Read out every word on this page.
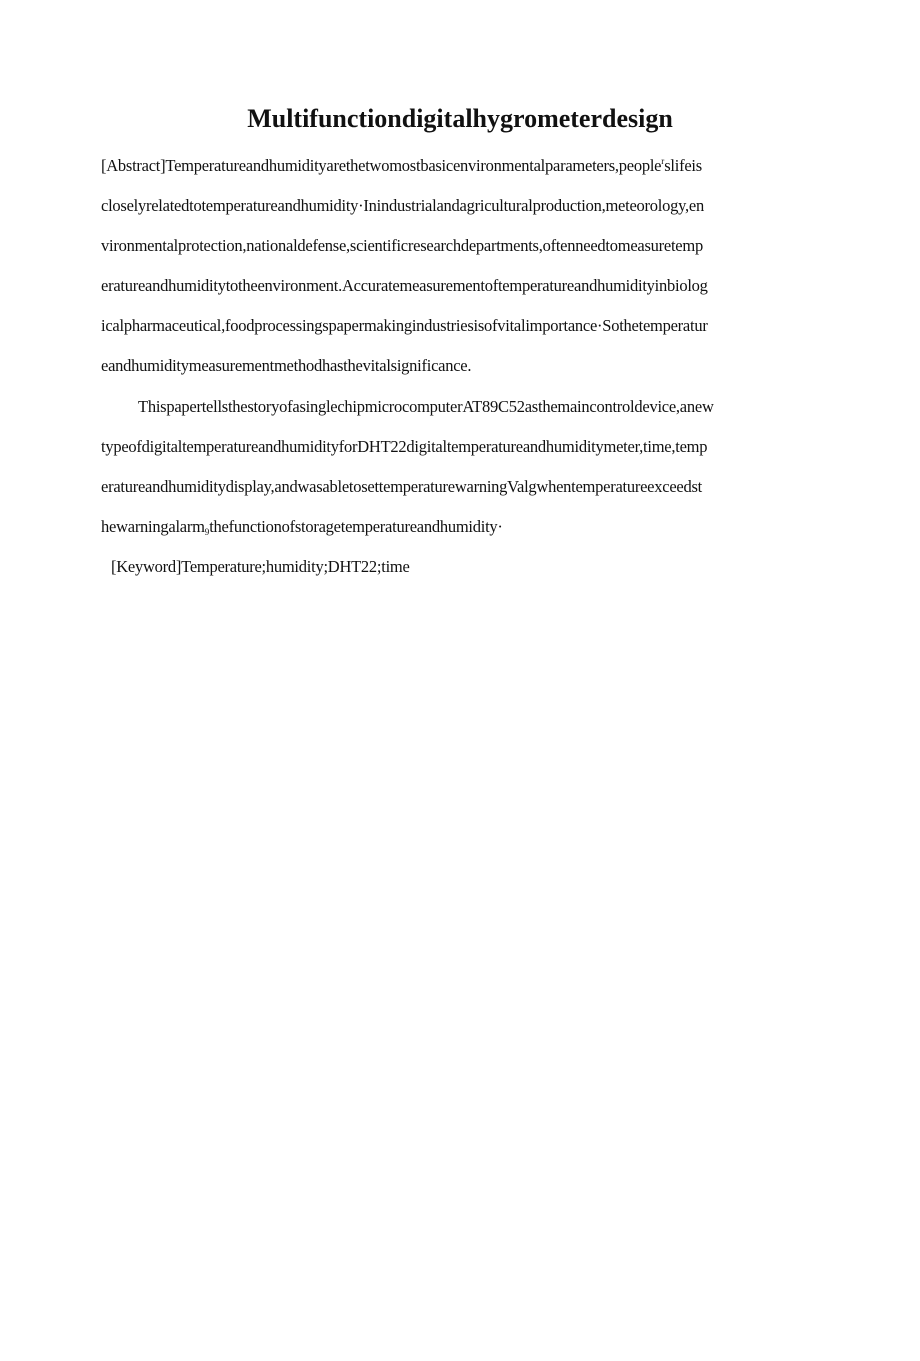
Multifunctiondigitalhygrometerdesign
[Abstract]Temperatureandhumidityarethetwomostbasicenvironmentalparameters,people$^r$slifeis
closelyrelatedtotemperatureandhumidity·Inindustrialandagriculturalproduction,meteorology,en
vironmentalprotection,nationaldefense,scientificresearchdepartments,oftenneedtomeasuretemp
eratureandhumiditytotheenvironment.Accuratemeasurementoftemperatureandhumidityinbiolog
icalpharmaceutical,foodprocessingspapermakingindustriesisofvitalimportance·Sothetemperatur
eandhumiditymeasurementmethodhasthevitalsignificance.
ThispapertellsthestoryofasinglechipmicrocomputerAT89C52asthemaincontroldevice,anew
typeofdigitaltemperatureandhumidityforDHT22digitaltemperatureandhumiditymeter,time,temp
eratureandhumiditydisplay,andwasabletosettemperaturewarningValgwhentemperatureexceedst
hewarningalarm9thefunctionofstoragetemperatureandhumidity·
[Keyword]Temperature;humidity;DHT22;time
